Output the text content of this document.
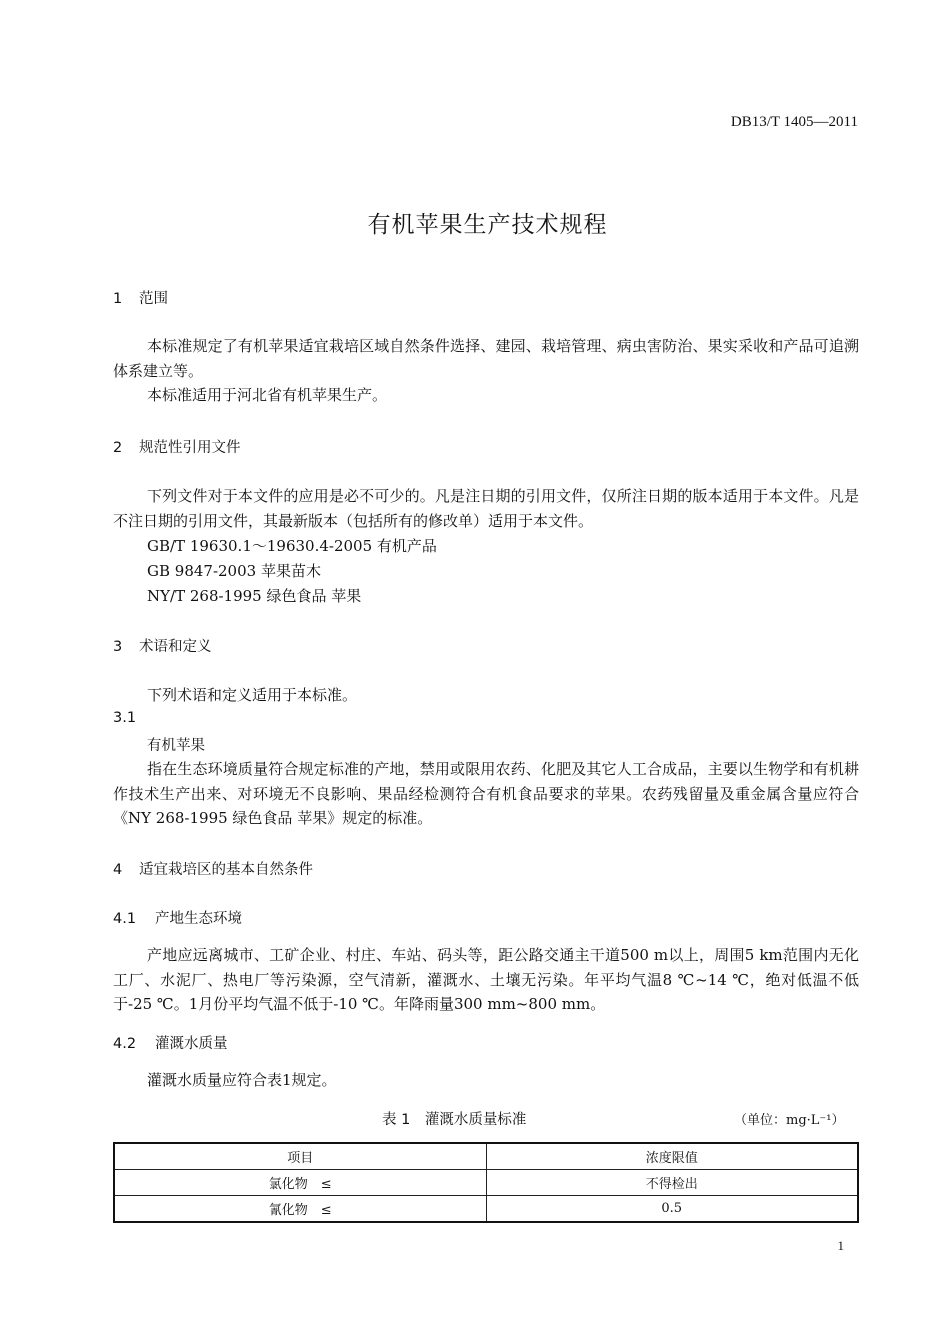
DB13/T 1405—2011
有机苹果生产技术规程
1 范围
本标准规定了有机苹果适宜栽培区域自然条件选择、建园、栽培管理、病虫害防治、果实采收和产品可追溯体系建立等。
本标准适用于河北省有机苹果生产。
2 规范性引用文件
下列文件对于本文件的应用是必不可少的。凡是注日期的引用文件，仅所注日期的版本适用于本文件。凡是不注日期的引用文件，其最新版本（包括所有的修改单）适用于本文件。
GB/T 19630.1～19630.4-2005 有机产品
GB 9847-2003 苹果苗木
NY/T 268-1995 绿色食品 苹果
3 术语和定义
下列术语和定义适用于本标准。
3.1
有机苹果
指在生态环境质量符合规定标准的产地，禁用或限用农药、化肥及其它人工合成品，主要以生物学和有机耕作技术生产出来、对环境无不良影响、果品经检测符合有机食品要求的苹果。农药残留量及重金属含量应符合《NY 268-1995 绿色食品 苹果》规定的标准。
4 适宜栽培区的基本自然条件
4.1 产地生态环境
产地应远离城市、工矿企业、村庄、车站、码头等，距公路交通主干道500 m以上，周围5 km范围内无化工厂、水泥厂、热电厂等污染源，空气清新，灌溉水、土壤无污染。年平均气温8 ℃~14 ℃，绝对低温不低于-25 ℃。1月份平均气温不低于-10 ℃。年降雨量300 mm~800 mm。
4.2 灌溉水质量
灌溉水质量应符合表1规定。
表 1　灌溉水质量标准	（单位：mg·L⁻¹）
项目	浓度限值
氯化物　≤	不得检出
氰化物　≤	0.5
1
